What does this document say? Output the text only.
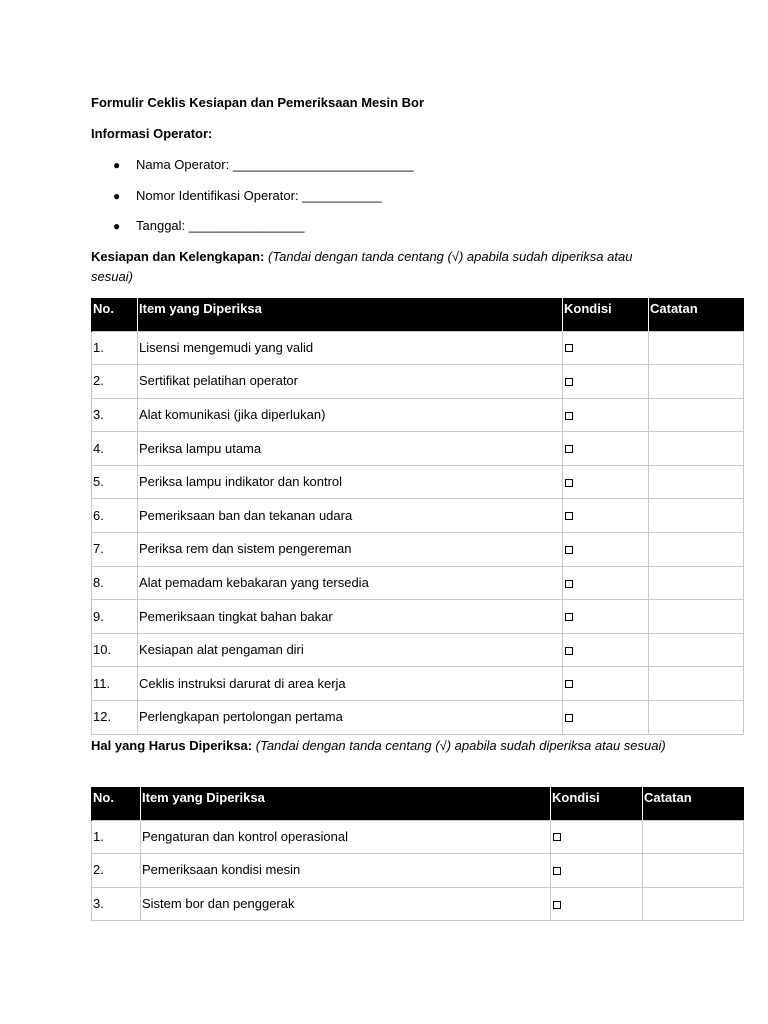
Formulir Ceklis Kesiapan dan Pemeriksaan Mesin Bor
Informasi Operator:
● Nama Operator: _________________________
● Nomor Identifikasi Operator: ___________
● Tanggal: ________________
Kesiapan dan Kelengkapan: (Tandai dengan tanda centang (√) apabila sudah diperiksa atau sesuai)
No.	Item yang Diperiksa	Kondisi	Catatan
1.	Lisensi mengemudi yang valid		
2.	Sertifikat pelatihan operator		
3.	Alat komunikasi (jika diperlukan)		
4.	Periksa lampu utama		
5.	Periksa lampu indikator dan kontrol		
6.	Pemeriksaan ban dan tekanan udara		
7.	Periksa rem dan sistem pengereman		
8.	Alat pemadam kebakaran yang tersedia		
9.	Pemeriksaan tingkat bahan bakar		
10.	Kesiapan alat pengaman diri		
11.	Ceklis instruksi darurat di area kerja		
12.	Perlengkapan pertolongan pertama		
Hal yang Harus Diperiksa: (Tandai dengan tanda centang (√) apabila sudah diperiksa atau sesuai)
No.	Item yang Diperiksa	Kondisi	Catatan
1.	Pengaturan dan kontrol operasional		
2.	Pemeriksaan kondisi mesin		
3.	Sistem bor dan penggerak		
